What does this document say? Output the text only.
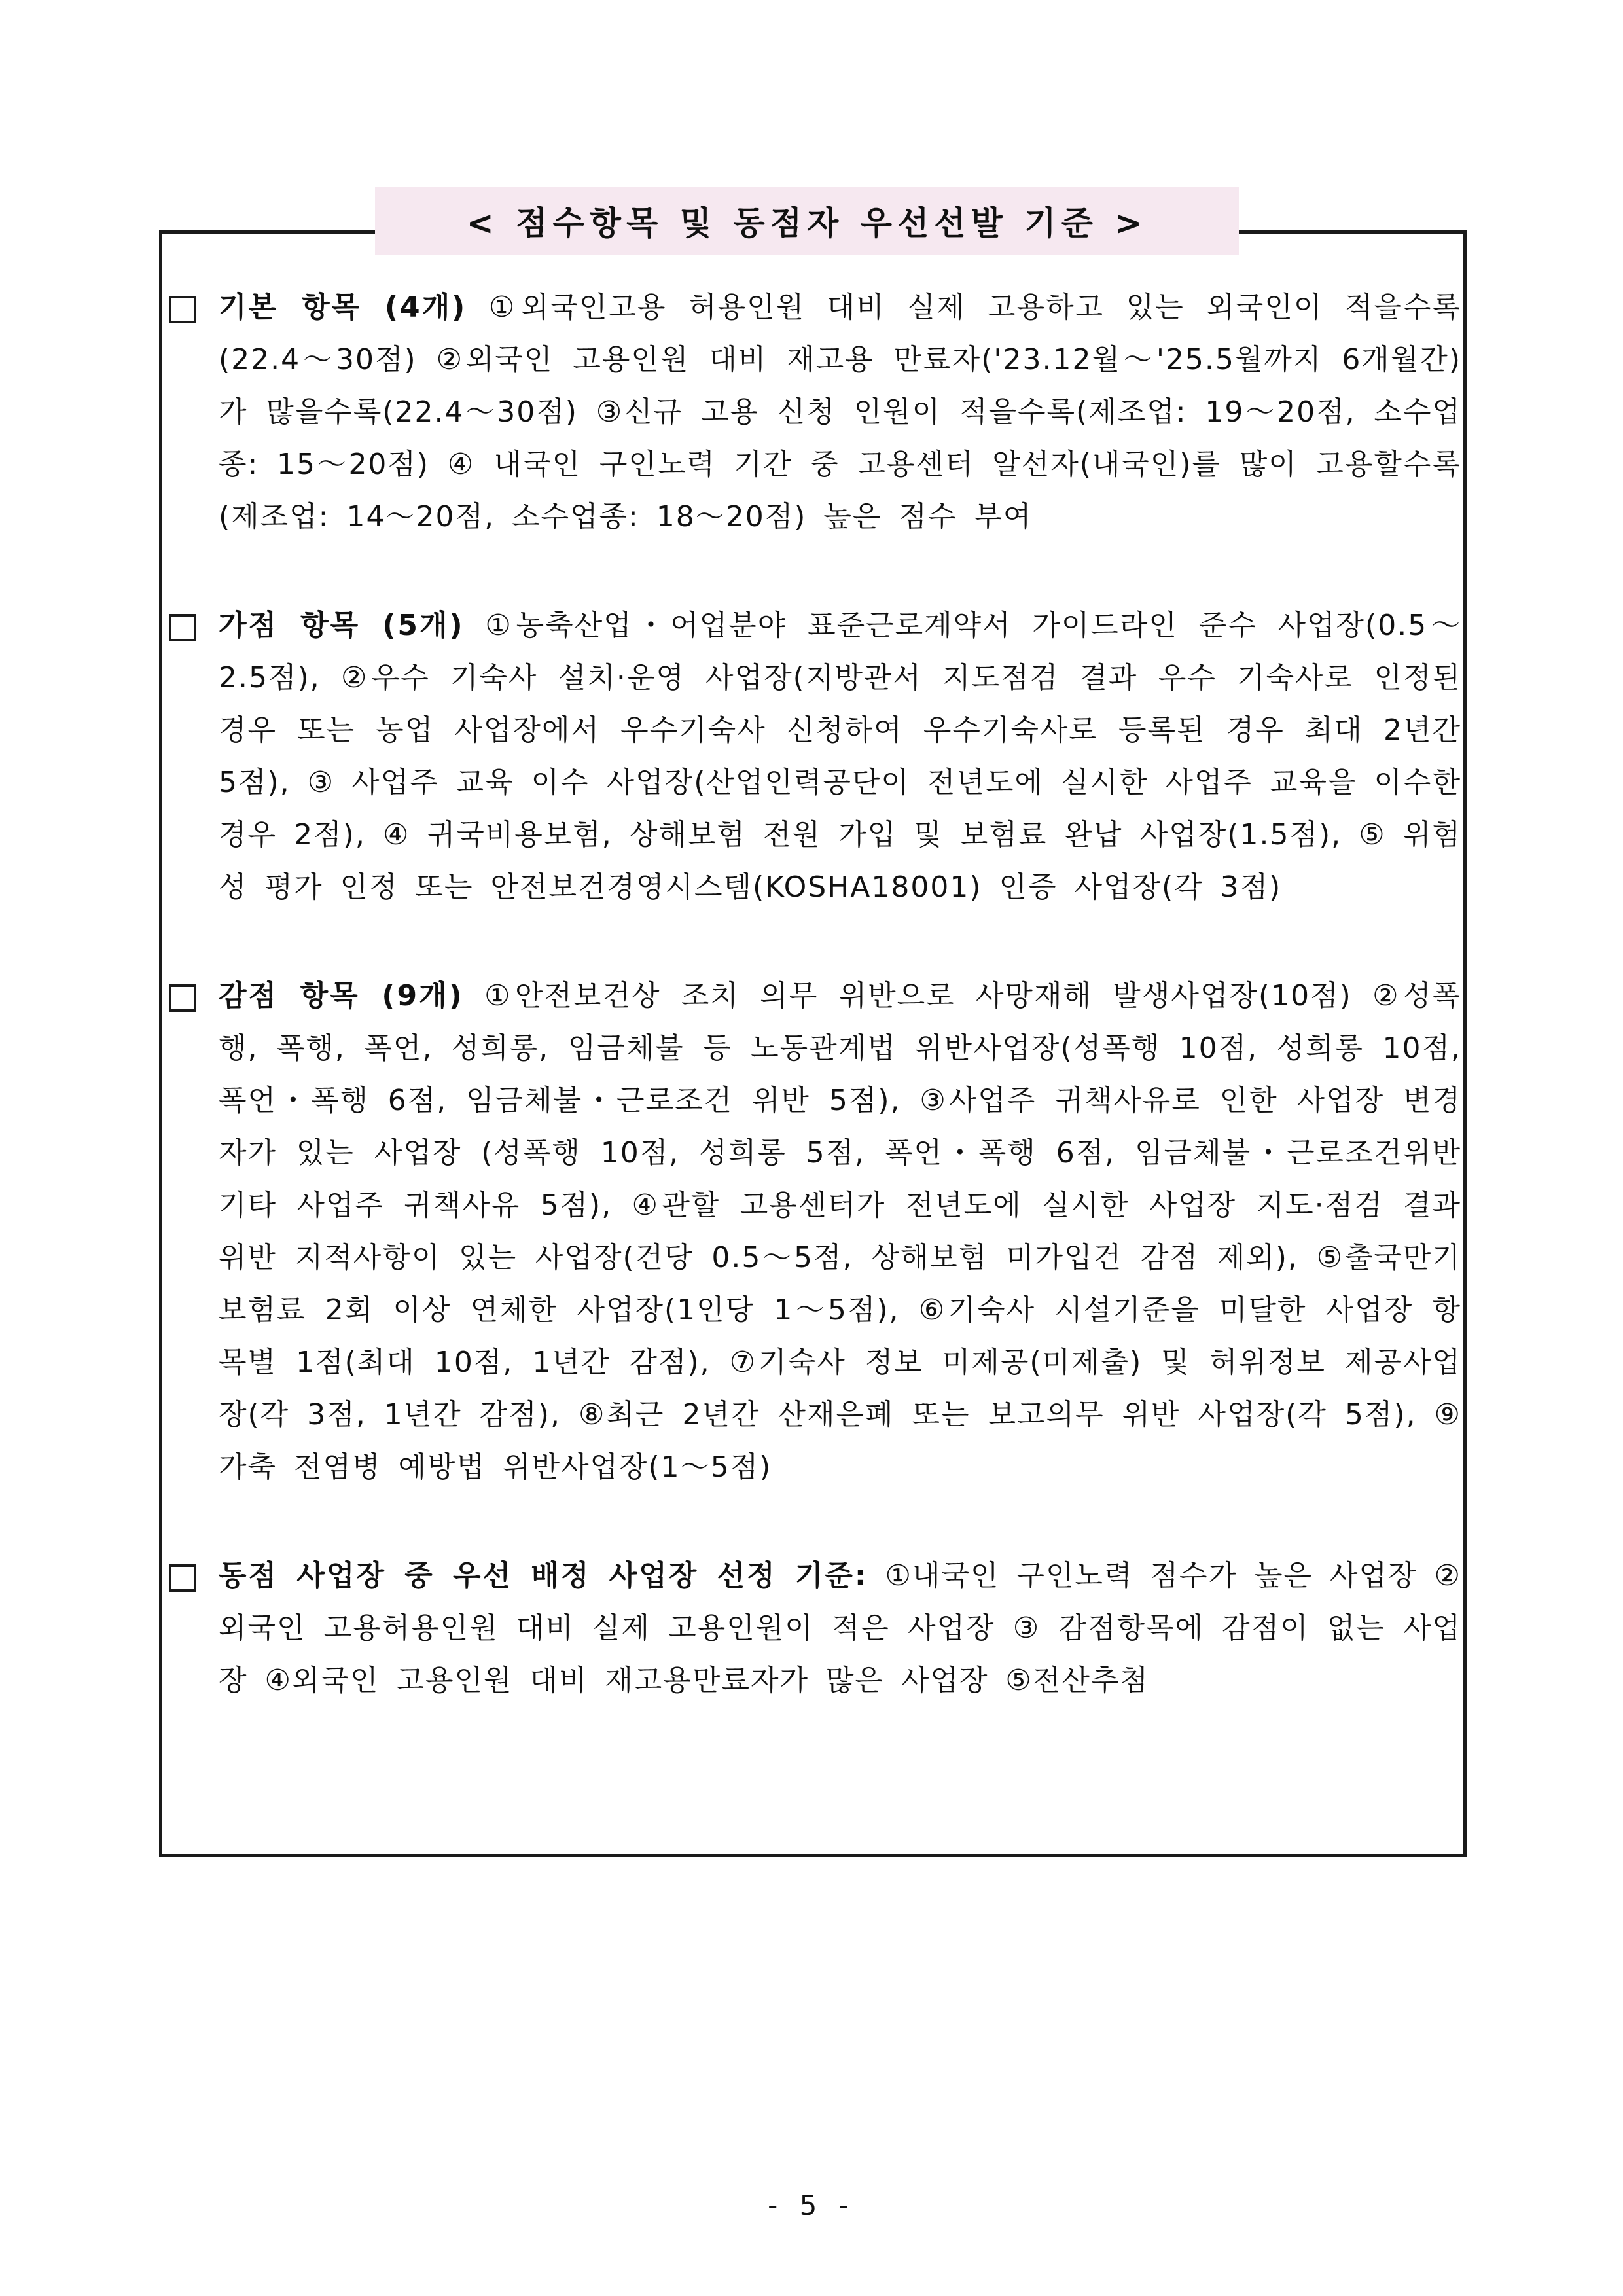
< 점수항목 및 동점자 우선선발 기준 >
기본 항목 (4개) ①외국인고용 허용인원 대비 실제 고용하고 있는 외국인이 적을수록(22.4～30점) ②외국인 고용인원 대비 재고용 만료자('23.12월～'25.5월까지 6개월간)가 많을수록(22.4～30점) ③신규 고용 신청 인원이 적을수록(제조업: 19～20점, 소수업종: 15～20점) ④ 내국인 구인노력 기간 중 고용센터 알선자(내국인)를 많이 고용할수록(제조업: 14～20점, 소수업종: 18～20점) 높은 점수 부여
가점 항목 (5개) ①농축산업・어업분야 표준근로계약서 가이드라인 준수 사업장(0.5～2.5점), ②우수 기숙사 설치·운영 사업장(지방관서 지도점검 결과 우수 기숙사로 인정된 경우 또는 농업 사업장에서 우수기숙사 신청하여 우수기숙사로 등록된 경우 최대 2년간 5점), ③ 사업주 교육 이수 사업장(산업인력공단이 전년도에 실시한 사업주 교육을 이수한 경우 2점), ④ 귀국비용보험, 상해보험 전원 가입 및 보험료 완납 사업장(1.5점), ⑤ 위험성 평가 인정 또는 안전보건경영시스템(KOSHA18001) 인증 사업장(각 3점)
감점 항목 (9개) ①안전보건상 조치 의무 위반으로 사망재해 발생사업장(10점) ②성폭행, 폭행, 폭언, 성희롱, 임금체불 등 노동관계법 위반사업장(성폭행 10점, 성희롱 10점, 폭언・폭행 6점, 임금체불・근로조건 위반 5점), ③사업주 귀책사유로 인한 사업장 변경자가 있는 사업장 (성폭행 10점, 성희롱 5점, 폭언・폭행 6점, 임금체불・근로조건위반 기타 사업주 귀책사유 5점), ④관할 고용센터가 전년도에 실시한 사업장 지도·점검 결과 위반 지적사항이 있는 사업장(건당 0.5～5점, 상해보험 미가입건 감점 제외), ⑤출국만기보험료 2회 이상 연체한 사업장(1인당 1～5점), ⑥기숙사 시설기준을 미달한 사업장 항목별 1점(최대 10점, 1년간 감점), ⑦기숙사 정보 미제공(미제출) 및 허위정보 제공사업장(각 3점, 1년간 감점), ⑧최근 2년간 산재은폐 또는 보고의무 위반 사업장(각 5점), ⑨가축 전염병 예방법 위반사업장(1～5점)
동점 사업장 중 우선 배정 사업장 선정 기준: ①내국인 구인노력 점수가 높은 사업장 ②외국인 고용허용인원 대비 실제 고용인원이 적은 사업장 ③ 감점항목에 감점이 없는 사업장 ④외국인 고용인원 대비 재고용만료자가 많은 사업장 ⑤전산추첨
- 5 -
